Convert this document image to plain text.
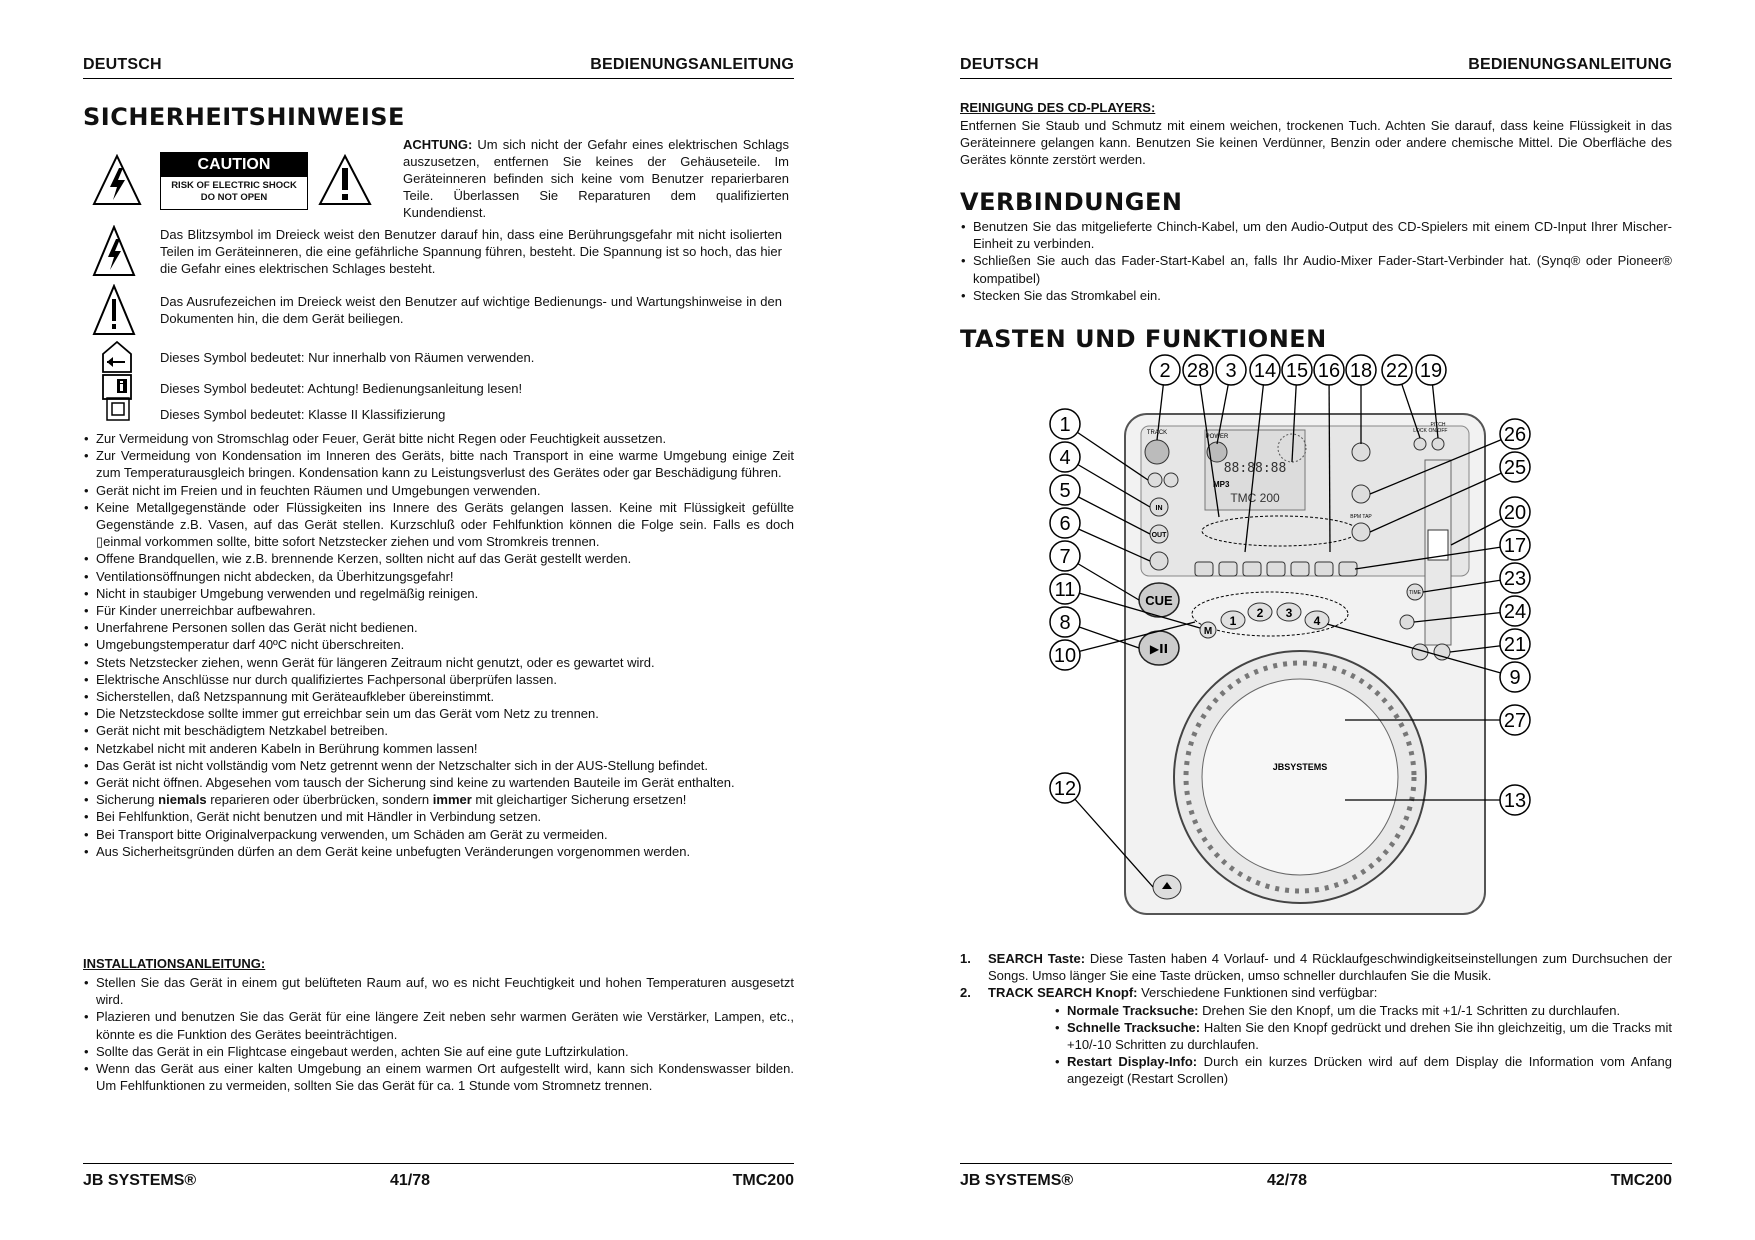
DEUTSCH	BEDIENUNGSANLEITUNG
SICHERHEITSHINWEISE
CAUTION
RISK OF ELECTRIC SHOCK
DO NOT OPEN
ACHTUNG: Um sich nicht der Gefahr eines elektrischen Schlags auszusetzen, entfernen Sie keines der Gehäuseteile. Im Geräteinneren befinden sich keine vom Benutzer reparierbaren Teile. Überlassen Sie Reparaturen dem qualifizierten Kundendienst.
Das Blitzsymbol im Dreieck weist den Benutzer darauf hin, dass eine Berührungsgefahr mit nicht isolierten Teilen im Geräteinneren, die eine gefährliche Spannung führen, besteht. Die Spannung ist so hoch, das hier die Gefahr eines elektrischen Schlages besteht.
Das Ausrufezeichen im Dreieck weist den Benutzer auf wichtige Bedienungs- und Wartungshinweise in den Dokumenten hin, die dem Gerät beiliegen.
Dieses Symbol bedeutet: Nur innerhalb von Räumen verwenden.
Dieses Symbol bedeutet: Achtung! Bedienungsanleitung lesen!
Dieses Symbol bedeutet: Klasse II Klassifizierung
• Zur Vermeidung von Stromschlag oder Feuer, Gerät bitte nicht Regen oder Feuchtigkeit aussetzen.
• Zur Vermeidung von Kondensation im Inneren des Geräts, bitte nach Transport in eine warme Umgebung einige Zeit zum Temperaturausgleich bringen. Kondensation kann zu Leistungsverlust des Gerätes oder gar Beschädigung führen.
• Gerät nicht im Freien und in feuchten Räumen und Umgebungen verwenden.
• Keine Metallgegenstände oder Flüssigkeiten ins Innere des Geräts gelangen lassen. Keine mit Flüssigkeit gefüllte Gegenstände z.B. Vasen, auf das Gerät stellen. Kurzschluß oder Fehlfunktion können die Folge sein. Falls es doch ▯einmal vorkommen sollte, bitte sofort Netzstecker ziehen und vom Stromkreis trennen.
• Offene Brandquellen, wie z.B. brennende Kerzen, sollten nicht auf das Gerät gestellt werden.
• Ventilationsöffnungen nicht abdecken, da Überhitzungsgefahr!
• Nicht in staubiger Umgebung verwenden und regelmäßig reinigen.
• Für Kinder unerreichbar aufbewahren.
• Unerfahrene Personen sollen das Gerät nicht bedienen.
• Umgebungstemperatur darf 40ºC nicht überschreiten.
• Stets Netzstecker ziehen, wenn Gerät für längeren Zeitraum nicht genutzt, oder es gewartet wird.
• Elektrische Anschlüsse nur durch qualifiziertes Fachpersonal überprüfen lassen.
• Sicherstellen, daß Netzspannung mit Geräteaufkleber übereinstimmt.
• Die Netzsteckdose sollte immer gut erreichbar sein um das Gerät vom Netz zu trennen.
• Gerät nicht mit beschädigtem Netzkabel betreiben.
• Netzkabel nicht mit anderen Kabeln in Berührung kommen lassen!
• Das Gerät ist nicht vollständig vom Netz getrennt wenn der Netzschalter sich in der AUS-Stellung befindet.
• Gerät nicht öffnen. Abgesehen vom tausch der Sicherung sind keine zu wartenden Bauteile im Gerät enthalten.
• Sicherung niemals reparieren oder überbrücken, sondern immer mit gleichartiger Sicherung ersetzen!
• Bei Fehlfunktion, Gerät nicht benutzen und mit Händler in Verbindung setzen.
• Bei Transport bitte Originalverpackung verwenden, um Schäden am Gerät zu vermeiden.
• Aus Sicherheitsgründen dürfen an dem Gerät keine unbefugten Veränderungen vorgenommen werden.
INSTALLATIONSANLEITUNG:
• Stellen Sie das Gerät in einem gut belüfteten Raum auf, wo es nicht Feuchtigkeit und hohen Temperaturen ausgesetzt wird.
• Plazieren und benutzen Sie das Gerät für eine längere Zeit neben sehr warmen Geräten wie Verstärker, Lampen, etc., könnte es die Funktion des Gerätes beeinträchtigen.
• Sollte das Gerät in ein Flightcase eingebaut werden, achten Sie auf eine gute Luftzirkulation.
• Wenn das Gerät aus einer kalten Umgebung an einem warmen Ort aufgestellt wird, kann sich Kondenswasser bilden. Um Fehlfunktionen zu vermeiden, sollten Sie das Gerät für ca. 1 Stunde vom Stromnetz trennen.
JB SYSTEMS®	41/78	TMC200
DEUTSCH	BEDIENUNGSANLEITUNG
REINIGUNG DES CD-PLAYERS:
Entfernen Sie Staub und Schmutz mit einem weichen, trockenen Tuch. Achten Sie darauf, dass keine Flüssigkeit in das Geräteinnere gelangen kann. Benutzen Sie keinen Verdünner, Benzin oder andere chemische Mittel. Die Oberfläche des Gerätes könnte zerstört werden.
VERBINDUNGEN
• Benutzen Sie das mitgelieferte Chinch-Kabel, um den Audio-Output des CD-Spielers mit einem CD-Input Ihrer Mischer-Einheit zu verbinden.
• Schließen Sie auch das Fader-Start-Kabel an, falls Ihr Audio-Mixer Fader-Start-Verbinder hat. (Synq® oder Pioneer® kompatibel)
• Stecken Sie das Stromkabel ein.
TASTEN UND FUNKTIONEN
JB SYSTEMS®	42/78	TMC200
1. SEARCH Taste: Diese Tasten haben 4 Vorlauf- und 4 Rücklaufgeschwindigkeitseinstellungen zum Durchsuchen der Songs. Umso länger Sie eine Taste drücken, umso schneller durchlaufen Sie die Musik.
2. TRACK SEARCH Knopf: Verschiedene Funktionen sind verfügbar:
• Normale Tracksuche: Drehen Sie den Knopf, um die Tracks mit +1/-1 Schritten zu durchlaufen.
• Schnelle Tracksuche: Halten Sie den Knopf gedrückt und drehen Sie ihn gleichzeitig, um die Tracks mit +10/-10 Schritten zu durchlaufen.
• Restart Display-Info: Durch ein kurzes Drücken wird auf dem Display die Information vom Anfang angezeigt (Restart Scrollen)
88:88:88
TMC 200
TRACK
POWER
MP3
IN
OUT
CUE
▶II
BPM TAP
LOCK ON/OFF
PITCH
TIME
1
2 3
4
M
JBSYSTEMS
2 28 3 14 15 16 18 22 19
1
4
5
6
7
11
8
10
12
26
25
20
17
23
24
21
9
27
13
